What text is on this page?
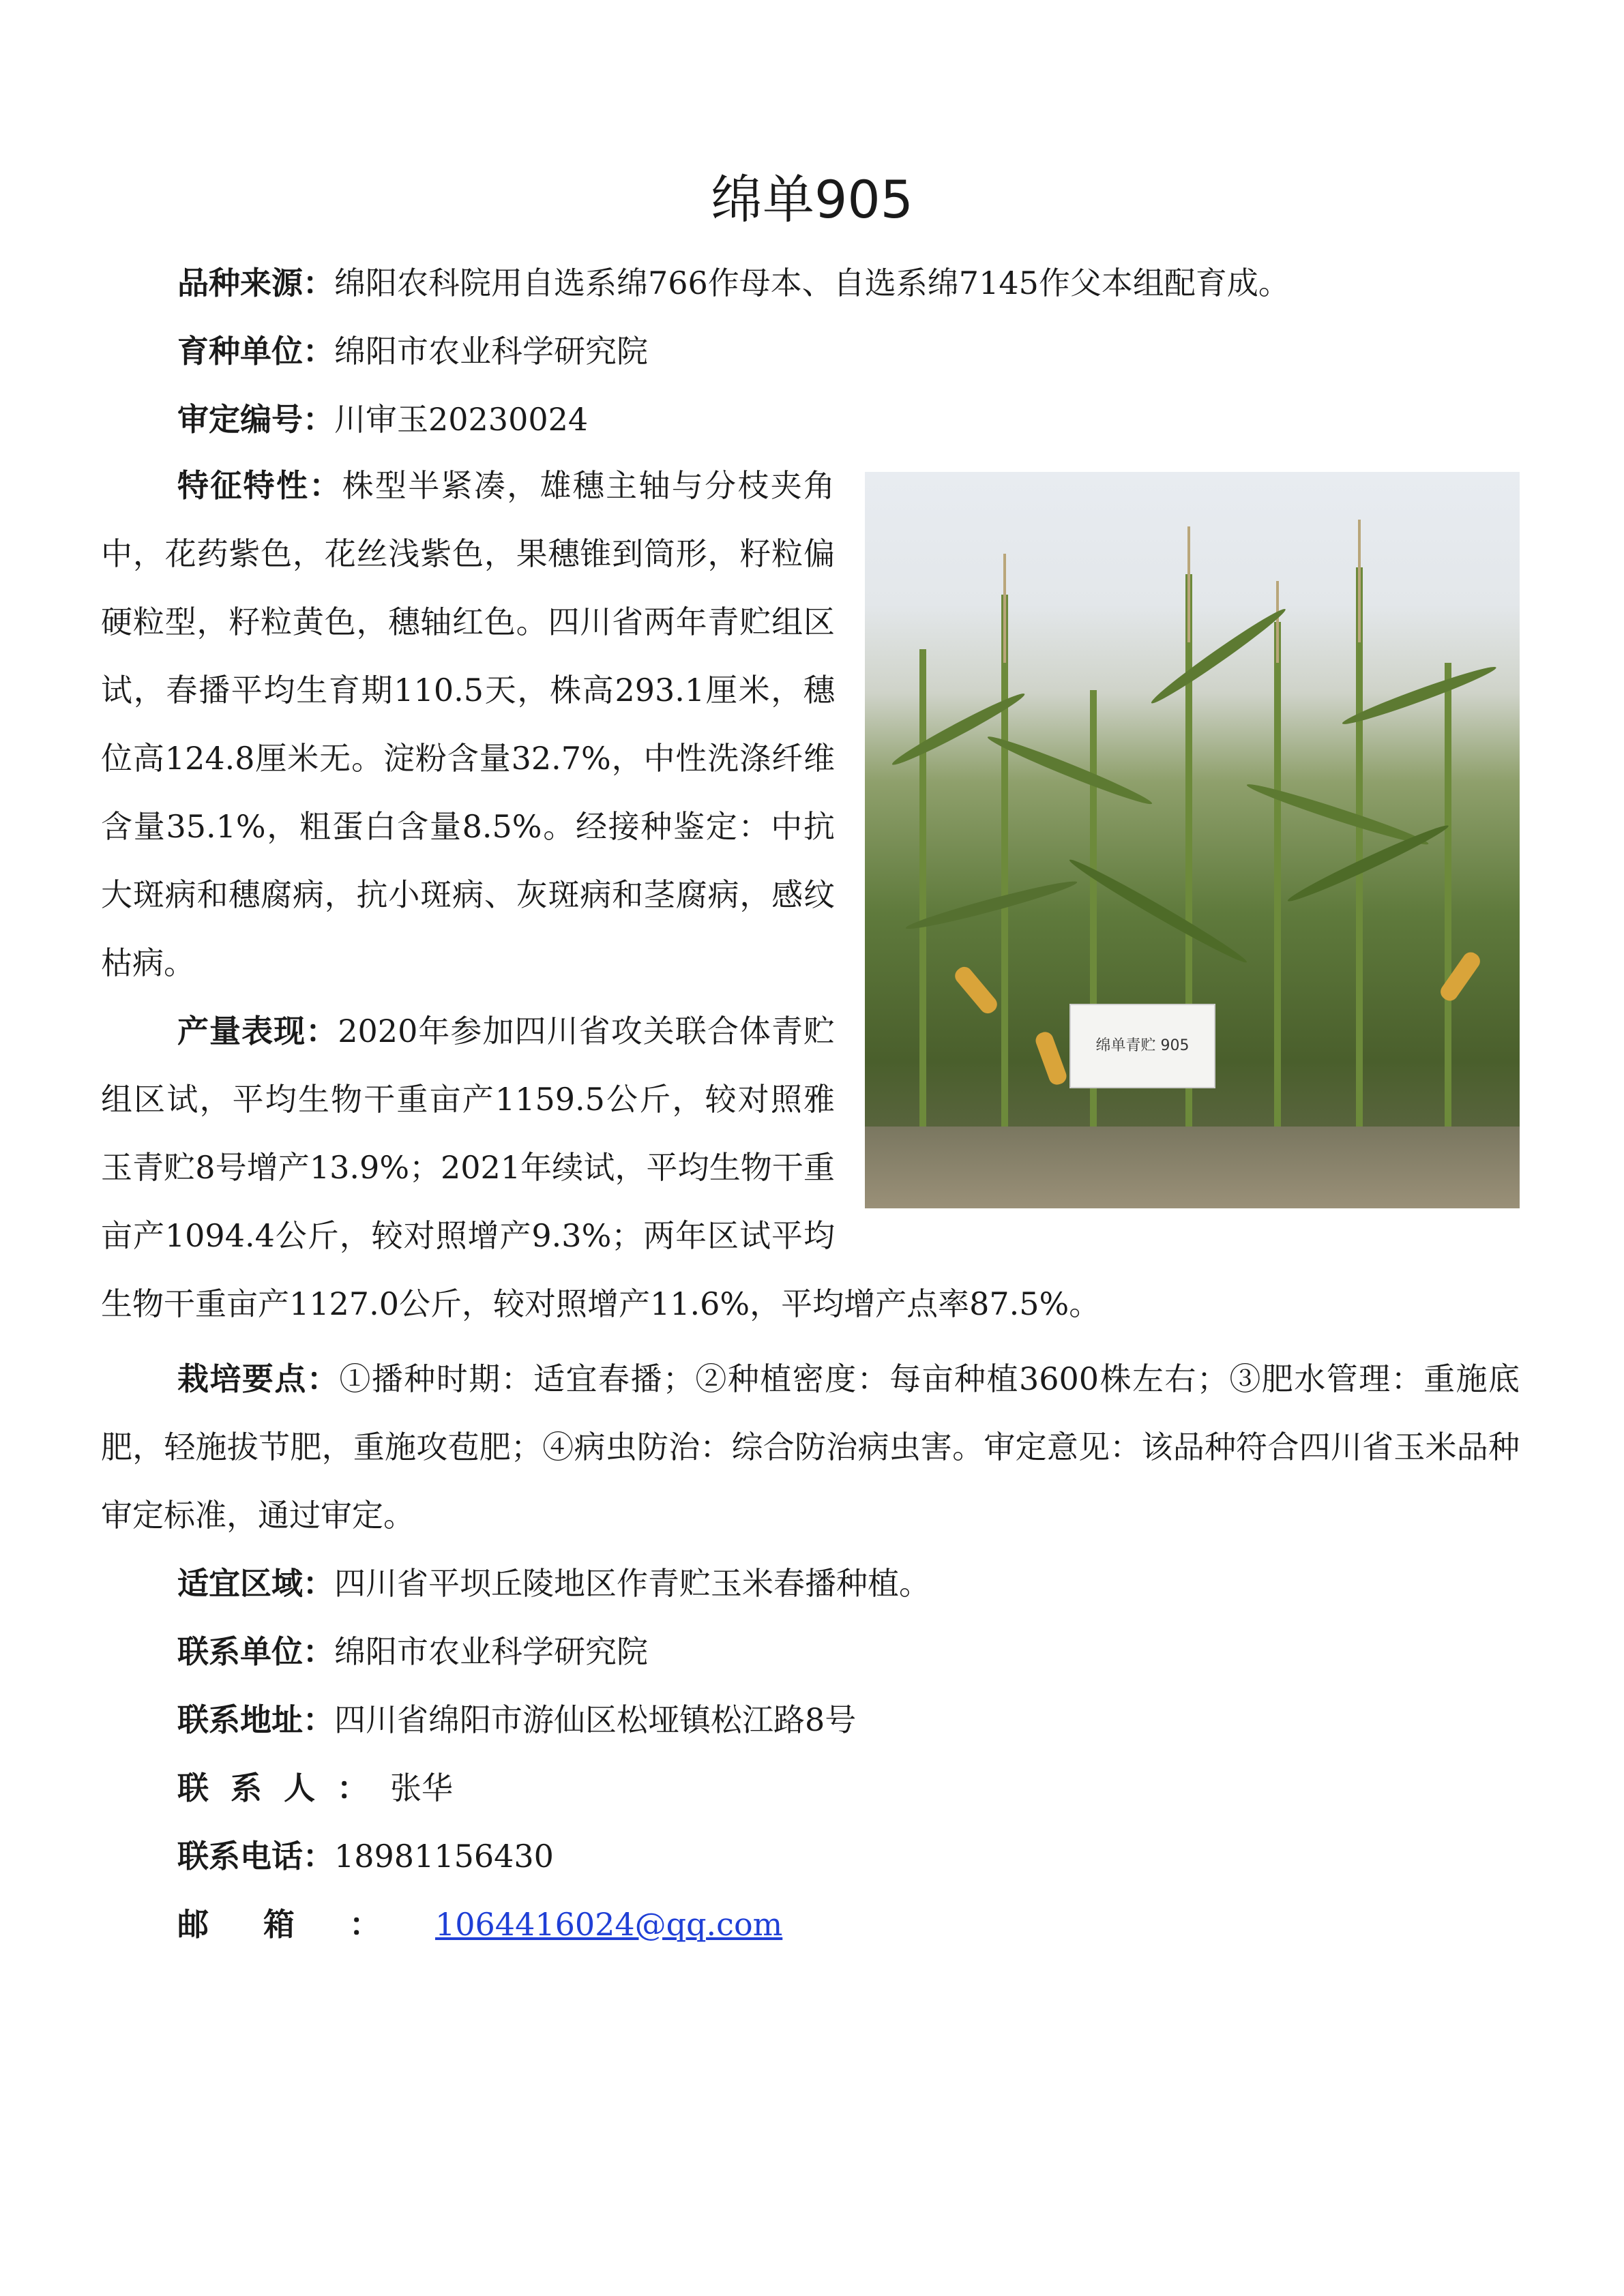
绵单905
品种来源：绵阳农科院用自选系绵766作母本、自选系绵7145作父本组配育成。
育种单位：绵阳市农业科学研究院
审定编号：川审玉20230024
绵单青贮 905
特征特性：株型半紧凑，雄穗主轴与分枝夹角中，花药紫色，花丝浅紫色，果穗锥到筒形，籽粒偏硬粒型，籽粒黄色，穗轴红色。四川省两年青贮组区试，春播平均生育期110.5天，株高293.1厘米，穗位高124.8厘米无。淀粉含量32.7%，中性洗涤纤维含量35.1%，粗蛋白含量8.5%。经接种鉴定：中抗大斑病和穗腐病，抗小斑病、灰斑病和茎腐病，感纹枯病。
产量表现：2020年参加四川省攻关联合体青贮组区试，平均生物干重亩产1159.5公斤，较对照雅玉青贮8号增产13.9%；2021年续试，平均生物干重亩产1094.4公斤，较对照增产9.3%；两年区试平均生物干重亩产1127.0公斤，较对照增产11.6%，平均增产点率87.5%。
栽培要点：①播种时期：适宜春播；②种植密度：每亩种植3600株左右；③肥水管理：重施底肥，轻施拔节肥，重施攻苞肥；④病虫防治：综合防治病虫害。审定意见：该品种符合四川省玉米品种审定标准，通过审定。
适宜区域：四川省平坝丘陵地区作青贮玉米春播种植。
联系单位：绵阳市农业科学研究院
联系地址：四川省绵阳市游仙区松垭镇松江路8号
联系人：张华
联系电话：18981156430
邮箱：1064416024@qq.com
